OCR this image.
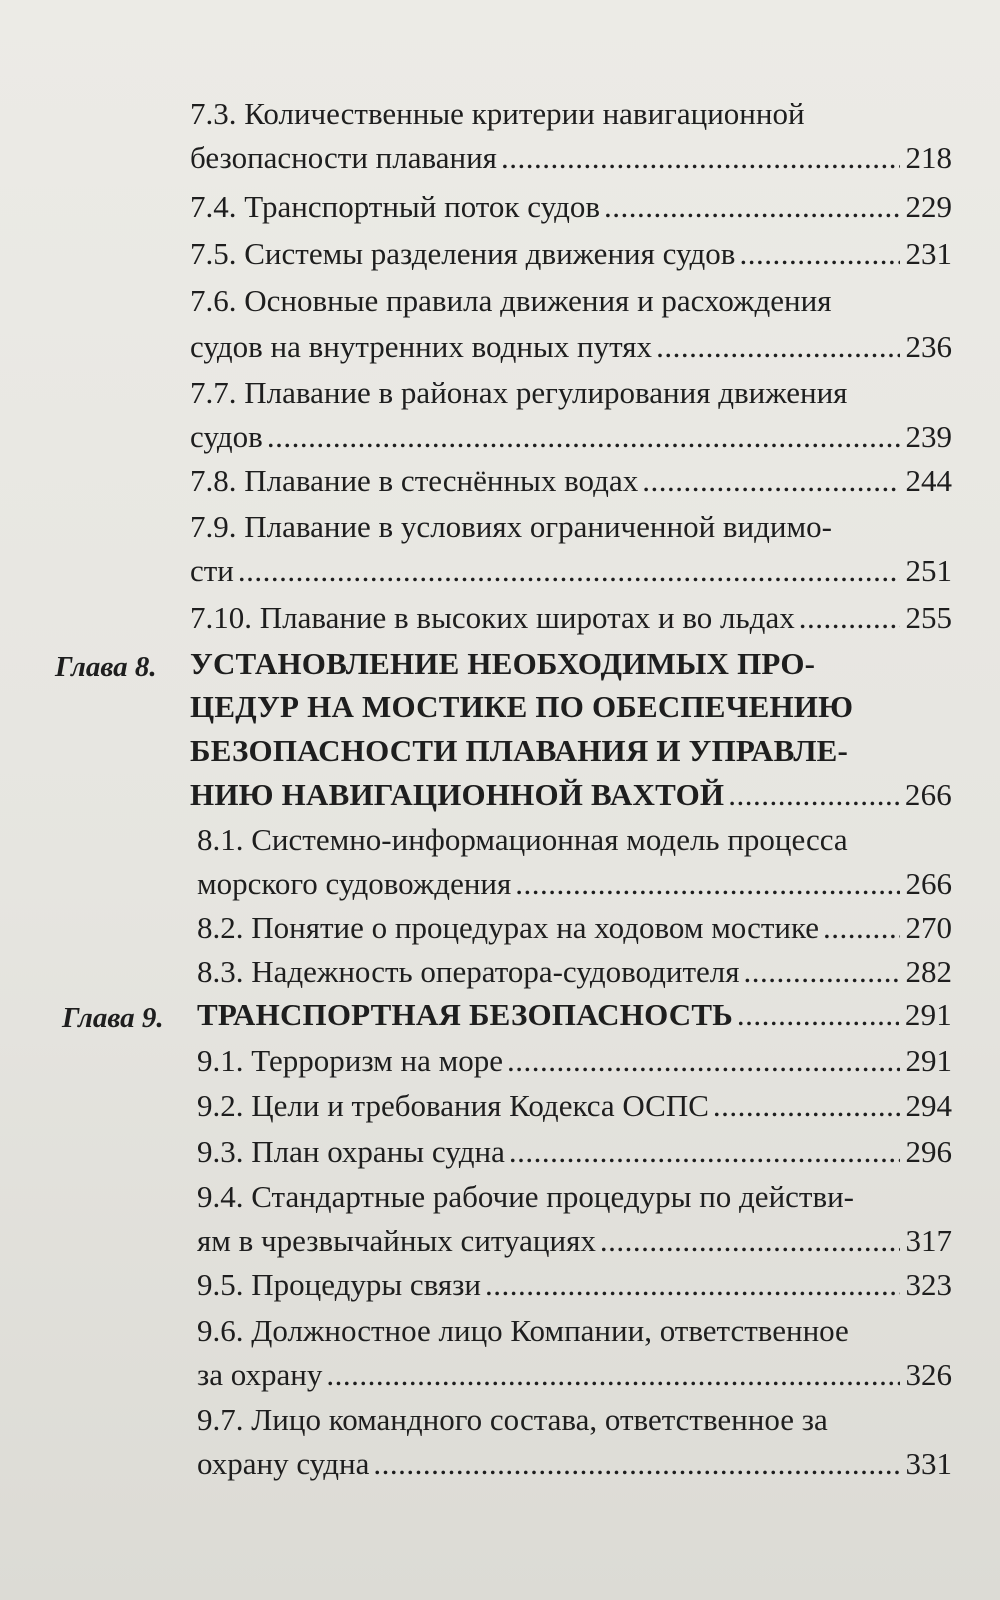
7.3. Количественные критерии навигационной
безопасности плавания .....	218
7.4. Транспортный поток судов .....	229
7.5. Системы разделения движения судов .....	231
7.6. Основные правила движения и расхождения
судов на внутренних водных путях .....	236
7.7. Плавание в районах регулирования движения
судов .....	239
7.8. Плавание в стеснённых водах .....	244
7.9. Плавание в условиях ограниченной видимо-
сти .....	251
7.10. Плавание в высоких широтах и во льдах .....	255
Глава 8. УСТАНОВЛЕНИЕ НЕОБХОДИМЫХ ПРО-
ЦЕДУР НА МОСТИКЕ ПО ОБЕСПЕЧЕНИЮ
БЕЗОПАСНОСТИ ПЛАВАНИЯ И УПРАВЛЕ-
НИЮ НАВИГАЦИОННОЙ ВАХТОЙ .....	266
8.1. Системно-информационная модель процесса
морского судовождения .....	266
8.2. Понятие о процедурах на ходовом мостике .....	270
8.3. Надежность оператора-судоводителя .....	282
Глава 9. ТРАНСПОРТНАЯ БЕЗОПАСНОСТЬ .....	291
9.1. Терроризм на море .....	291
9.2. Цели и требования Кодекса ОСПС .....	294
9.3. План охраны судна .....	296
9.4. Стандартные рабочие процедуры по действи-
ям в чрезвычайных ситуациях .....	317
9.5. Процедуры связи .....	323
9.6. Должностное лицо Компании, ответственное
за охрану .....	326
9.7. Лицо командного состава, ответственное за
охрану судна .....	331
